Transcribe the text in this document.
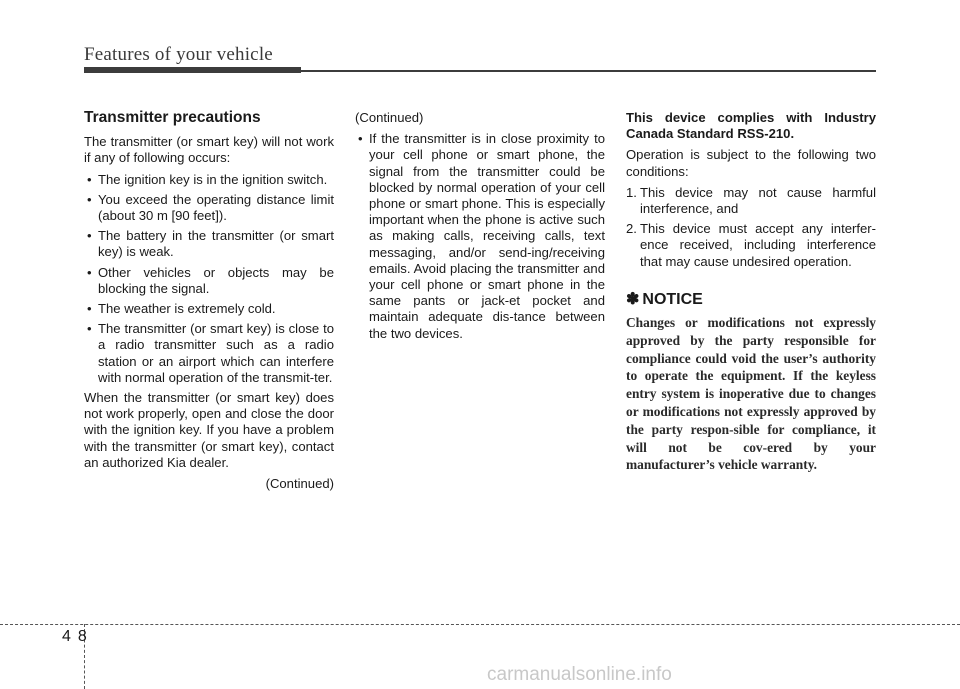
Features of your vehicle
Transmitter precautions

The transmitter (or smart key) will not work if any of following occurs:

• The ignition key is in the ignition switch.
• You exceed the operating distance limit (about 30 m [90 feet]).
• The battery in the transmitter (or smart key) is weak.
• Other vehicles or objects may be blocking the signal.
• The weather is extremely cold.
• The transmitter (or smart key) is close to a radio transmitter such as a radio station or an airport which can interfere with normal operation of the transmit-ter.

When the transmitter (or smart key) does not work properly, open and close the door with the ignition key. If you have a problem with the transmitter (or smart key), contact an authorized Kia dealer.

(Continued)

(Continued)

• If the transmitter is in close proximity to your cell phone or smart phone, the signal from the transmitter could be blocked by normal operation of your cell phone or smart phone. This is especially important when the phone is active such as making calls, receiving calls, text messaging, and/or send-ing/receiving emails. Avoid placing the transmitter and your cell phone or smart phone in the same pants or jack-et pocket and maintain adequate dis-tance between the two devices.

This device complies with Industry Canada Standard RSS-210.

Operation is subject to the following two conditions:

1. This device may not cause harmful interference, and
2. This device must accept any interfer-ence received, including interference that may cause undesired operation.
✽ NOTICE

Changes or modifications not expressly approved by the party responsible for compliance could void the user’s authority to operate the equipment. If the keyless entry system is inoperative due to changes or modifications not expressly approved by the party respon-sible for compliance, it will not be cov-ered by your manufacturer’s vehicle warranty.

48
carmanualsonline.info
